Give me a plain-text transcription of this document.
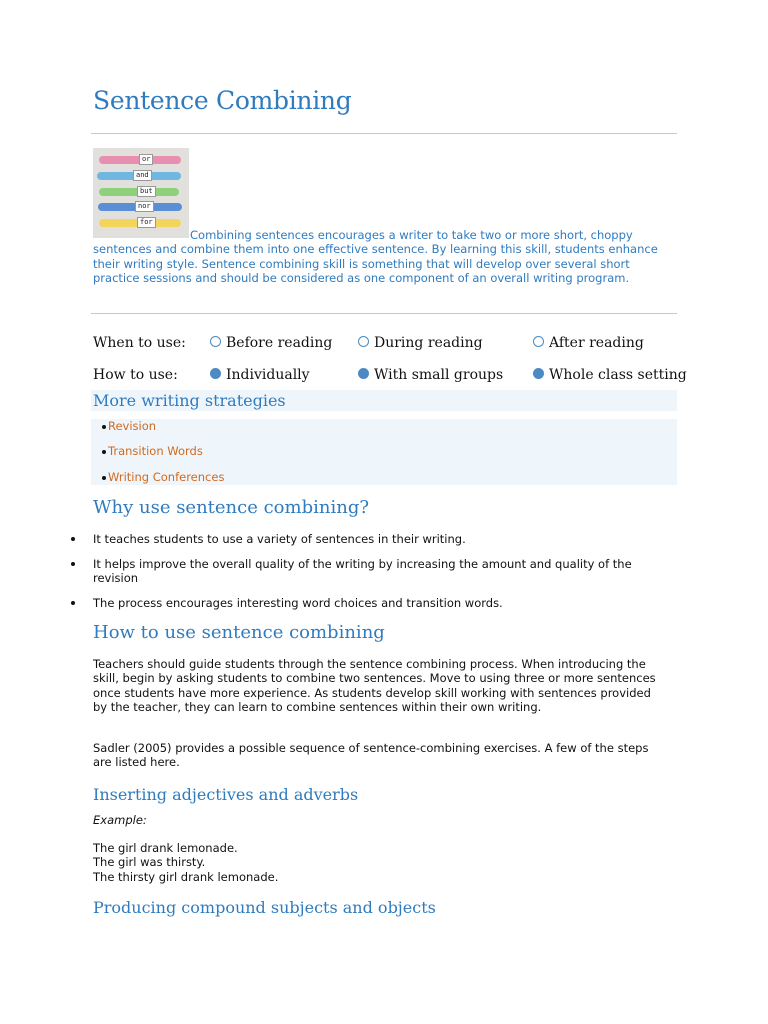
Sentence Combining
or
and
but
nor
for

Combining sentences encourages a writer to take two or more short, choppy sentences and combine them into one effective sentence. By learning this skill, students enhance their writing style. Sentence combining skill is something that will develop over several short practice sessions and should be considered as one component of an overall writing program.

When to use:	Before reading	During reading	After reading
How to use:	Individually	With small groups	Whole class setting
More writing strategies
Revision
Transition Words
Writing Conferences
Why use sentence combining?
It teaches students to use a variety of sentences in their writing.
It helps improve the overall quality of the writing by increasing the amount and quality of the revision
The process encourages interesting word choices and transition words.
How to use sentence combining

Teachers should guide students through the sentence combining process. When introducing the skill, begin by asking students to combine two sentences. Move to using three or more sentences once students have more experience. As students develop skill working with sentences provided by the teacher, they can learn to combine sentences within their own writing.

Sadler (2005) provides a possible sequence of sentence-combining exercises. A few of the steps are listed here.

Inserting adjectives and adverbs

Example:

The girl drank lemonade.

The girl was thirsty.

The thirsty girl drank lemonade.

Producing compound subjects and objects
